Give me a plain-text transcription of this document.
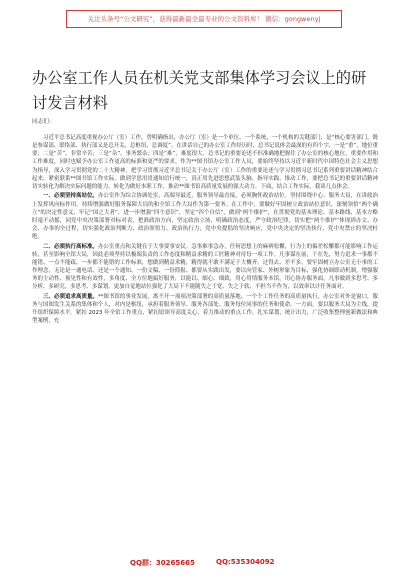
关注头条号“公文研究”，获得最新最全最专业的公文资料库！ 微信：gongwenyj
办公室工作人员在机关党支部集体学习会议上的研讨发言材料
同志们：

习近平总书记高度重视办公厅（室）工作，曾明确指出，办公厅（室）是一个单位、一个系统、一个机构的关键部门，是“核心要害部门，既是参谋部、联络部、执行部又是总开关、总枢纽、总调度”。在讲话自己的办公室工作经历时，总书记说体会最深的有四个字，一是“重”，地位重要；二是“苦”，非常辛苦；三是“杂”，事务繁杂；四是“难”，难度很大。总书记的重要论述不但准确地把握住了办公室的核心地位，重要作用和工作难度，同时也赋予办公室工作更高的标准和更严的要求。作为**图书馆办公室工作人员，要始终坚持以习近平新时代中国特色社会主义思想为指导，深入学习贯彻党的二十大精神，把学习贯彻习近平总书记关于办公厅（室）工作的重要论述与学习贯彻习总书记系列重要讲话精神结合起来，紧密联系**图书馆工作实际，做到学思用贯通知信行统一，真正用先进思想武装头脑、指导实践、推动工作，要把总书记的重要讲话精神切实转化为解决实际问题的能力，转化为做好本职工作、推动**图书馆高质量发展的强大动力。下面，结合工作实际，我谈几点体会。

一、必须坚持高站位。办公室作为综合协调处室，高端导最近，服务领导最直接，必须胸怀政治站位。坚持围绕中心、服务大局，在讲政治上发挥风向标作用。持续增强做好服务保障大局的和全馆工作大局作为第一要务。在工作中，要做好牢固树立政治站位意识，深刻领悟“两个确立”的决定性意义，牢记“国之大者”，进一步增强“四个意识”，坚定“四个自信”，做到“两个维护”，在贯彻党的基本理论、基本路线、基本方略时毫不动摇，同党中央决策部署对标对表，把准政治方向，坚定政治立场，明确政治态度，严守政治纪律，切实把“两个维护”体现到办文、办会、办事的全过程，切实强化政治判断力、政治领悟力、政治执行力，党中央提倡的坚决响应，党中央决定的坚决执行，党中央禁止的坚决杜绝。

二、必须执行高标准。办公室重点和关键在于大事要事安民。急事难事急办，任何思想上的麻痹松懈，行为上的偏差松懈都可能影响工作运转，甚至影响全馆大局，因此必须坚持以极端负责的工作态度和精益求精的工匠精神对待每一项工作。凡事谋在前，干在先，努力追求一事都不能错、一点不能疏、一步都不能错的工作标准，想做到精益求精，精得就不敢不满足于大概齐。过得去、差不多。要牢固树立办公室无小事的工作理念，无论是一通电话、还是一个通知、一份文稿、一份简报、都要从实践出发，要以向管家、外树形象为目标，强化协调联动机制，增强服务的主动性、预见性和有效性，多角度、全方位地搞好服务，以能以、细心、细致，用心用情服务本馆，用心协办服务面，凡事做到多思考、多分析、多研究，多思考、多谋划，更加自觉地站位强化了大局下不能随失之于宽、失之于软、不担当不作为，以效率以计任务面对。

三、必须追求高质量。**图书馆的事业发展，离不开一项项决策部署的高质量落地、一个个工作任务的高质量执行，办公室对外是窗口，服务与国图发生关系的集体和个人，对内是枢纽，承担着服务领导、服务各部处、服务每位同事的任务和使命。一方面，要以服务大局为主线，提升组织保障水平。紧扣 2023 年全馆工作重点，紧扣馆领导高度关心、着力推动的重点工作，扎实谋划，统计出力，广泛收集整理创新做法和典型案例，充

QQ群：30265665	QQ:535304092
